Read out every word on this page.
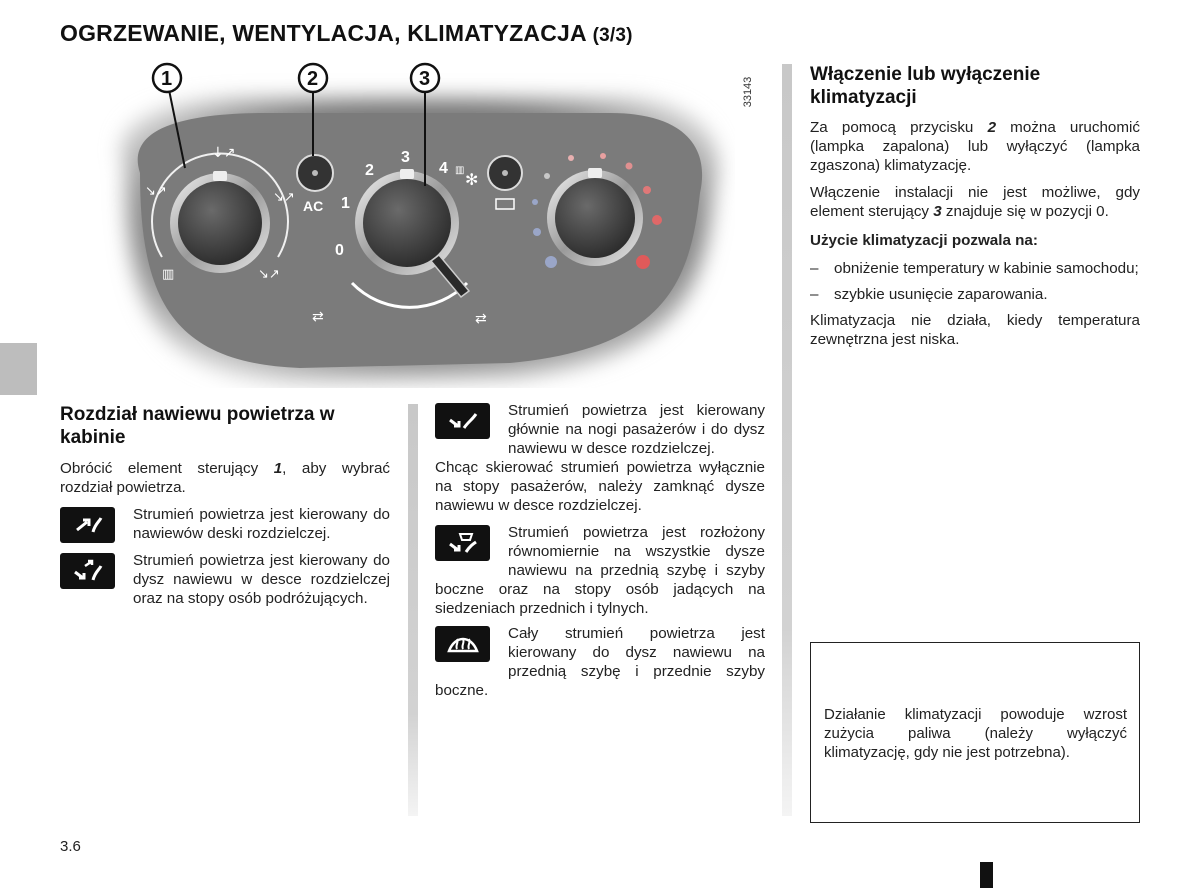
OGRZEWANIE, WENTYLACJA, KLIMATYZACJA (3/3)
↓↗
↘↗	↘↗
▥	↘↗
AC
0
1
2
3
4 ▥
⇄	⇄
✻
1	2	3	33143
Rozdział nawiewu powietrza w kabinie

Obrócić element sterujący 1, aby wybrać rozdział powietrza.

Strumień powietrza jest kierowany do nawiewów deski rozdzielczej.

Strumień powietrza jest kierowany do dysz nawiewu w desce rozdzielczej oraz na stopy osób podróżujących.

Strumień powietrza jest kierowany głównie na nogi pasażerów i do dysz nawiewu w desce rozdzielczej.

Chcąc skierować strumień powietrza wyłącznie na stopy pasażerów, należy zamknąć dysze nawiewu w desce rozdzielczej.

Strumień powietrza jest rozłożony równomiernie na wszystkie dysze nawiewu na przednią szybę i szyby boczne oraz na stopy osób jadących na siedzeniach przednich i tylnych.

Cały strumień powietrza jest kierowany do dysz nawiewu na przednią szybę i przednie szyby boczne.

Włączenie lub wyłączenie klimatyzacji

Za pomocą przycisku 2 można uruchomić (lampka zapalona) lub wyłączyć (lampka zgaszona) klimatyzację.

Włączenie instalacji nie jest możliwe, gdy element sterujący 3 znajduje się w pozycji 0.

Użycie klimatyzacji pozwala na:

–	obniżenie temperatury w kabinie samochodu;
–	szybkie usunięcie zaparowania.

Klimatyzacja nie działa, kiedy temperatura zewnętrzna jest niska.

Działanie klimatyzacji powoduje wzrost zużycia paliwa (należy wyłączyć klimatyzację, gdy nie jest potrzebna).

3.6
